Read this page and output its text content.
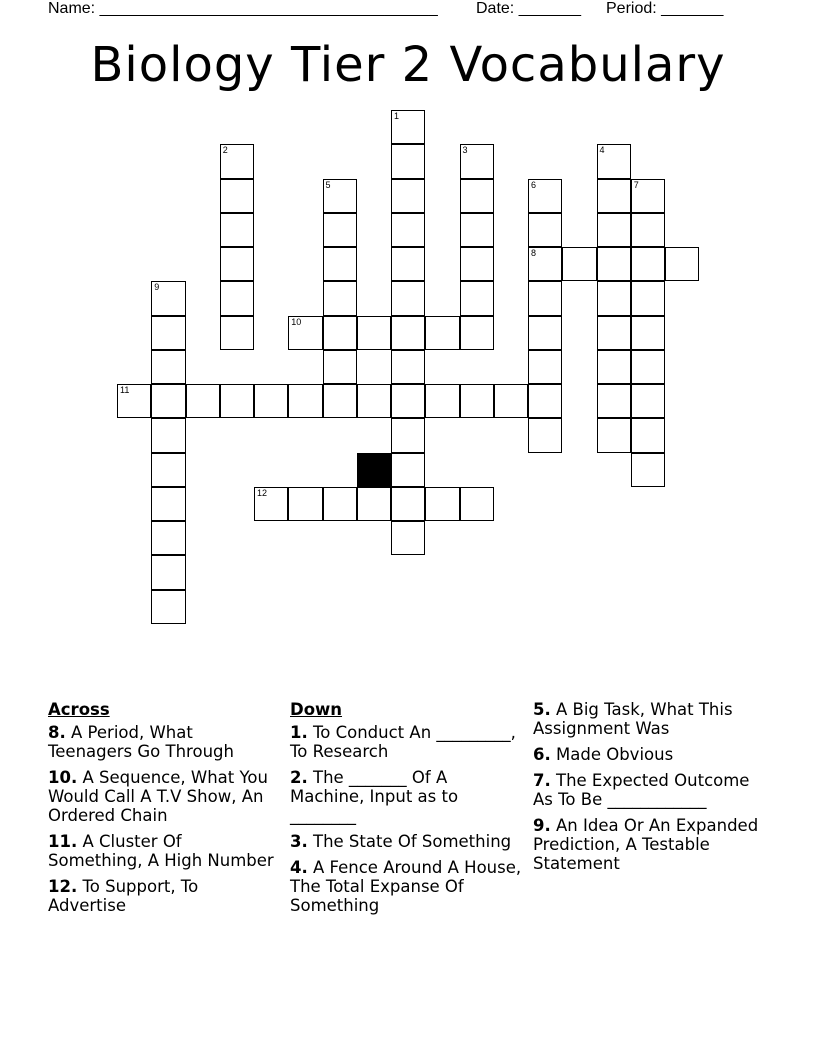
Name: ______________________________________

Date: _______

Period: _______

Biology Tier 2 Vocabulary
1
2	3	4
5	6
8
7
9
10
11
12
Across
8. A Period, What Teenagers Go Through
10. A Sequence, What You Would Call A T.V Show, An Ordered Chain
11. A Cluster Of Something, A High Number
12. To Support, To Advertise
Down
1. To Conduct An _________, To Research
2. The _______ Of A Machine, Input as to ________
3. The State Of Something
4. A Fence Around A House, The Total Expanse Of Something
5. A Big Task, What This Assignment Was
6. Made Obvious
7. The Expected Outcome As To Be ____________
9. An Idea Or An Expanded Prediction, A Testable Statement
